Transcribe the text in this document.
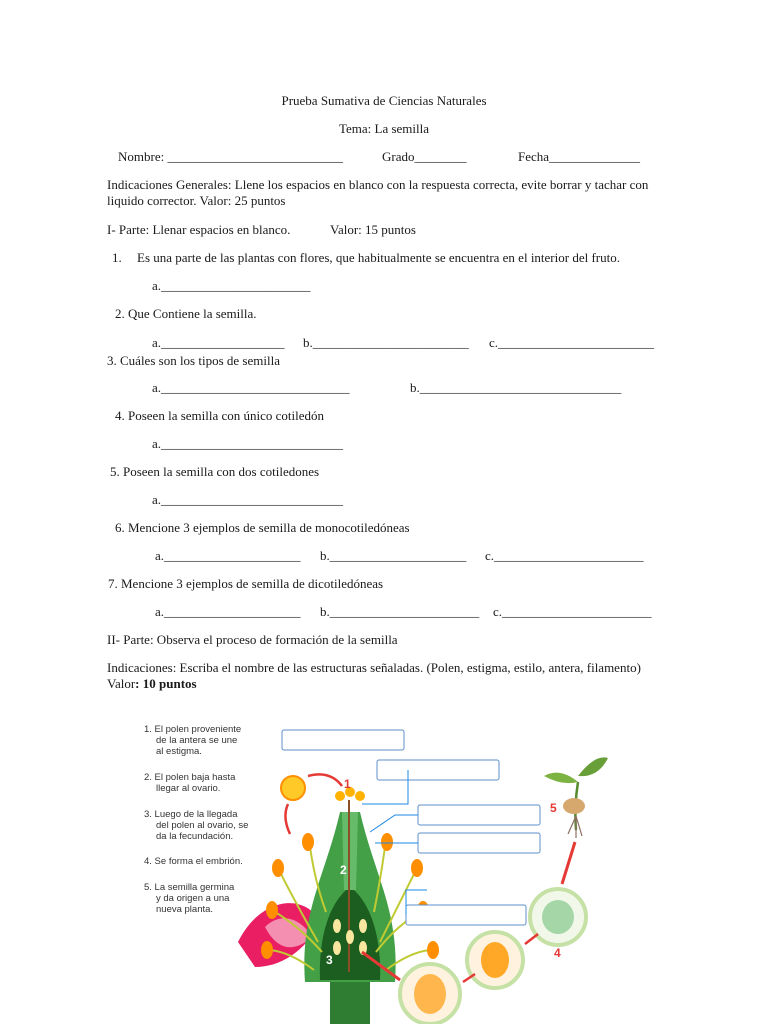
Prueba Sumativa de Ciencias Naturales
Tema: La semilla
Nombre: ___________________________	Grado________	Fecha______________
Indicaciones Generales: Llene los espacios en blanco con la respuesta correcta, evite borrar y tachar con liquido corrector. Valor: 25 puntos
I- Parte: Llenar espacios en blanco.	Valor: 15 puntos
1. Es una parte de las plantas con flores, que habitualmente se encuentra en el interior del fruto.
a._______________________
2. Que Contiene la semilla.
a.___________________ b.________________________ c.________________________
3. Cuáles son los tipos de semilla
a._____________________________	b._______________________________
4. Poseen la semilla con único cotiledón
a.____________________________
5. Poseen la semilla con dos cotiledones
a.____________________________
6. Mencione 3 ejemplos de semilla de monocotiledóneas
a._____________________ b._____________________ c._______________________
7. Mencione 3 ejemplos de semilla de dicotiledóneas
a._____________________ b._______________________ c._______________________
II- Parte: Observa el proceso de formación de la semilla
Indicaciones: Escriba el nombre de las estructuras señaladas. (Polen, estigma, estilo, antera, filamento) Valor: 10 puntos
1. El polen proveniente de la antera se une al estigma.
2. El polen baja hasta llegar al ovario.
3. Luego de la llegada del polen al ovario, se da la fecundación.
4. Se forma el embrión.
5. La semilla germina y da origen a una nueva planta.
1
2
3	4
5
